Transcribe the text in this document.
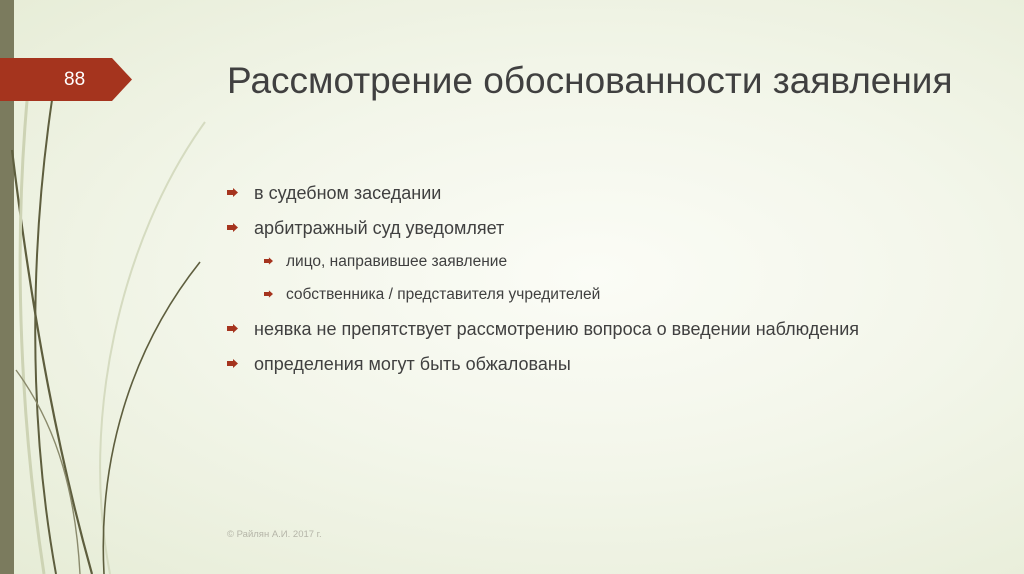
88	Рассмотрение обоснованности заявления
в судебном заседании
арбитражный суд уведомляет
лицо, направившее заявление
собственника / представителя учредителей
неявка не препятствует рассмотрению вопроса о введении наблюдения
определения могут быть обжалованы
© Райлян А.И. 2017 г.
